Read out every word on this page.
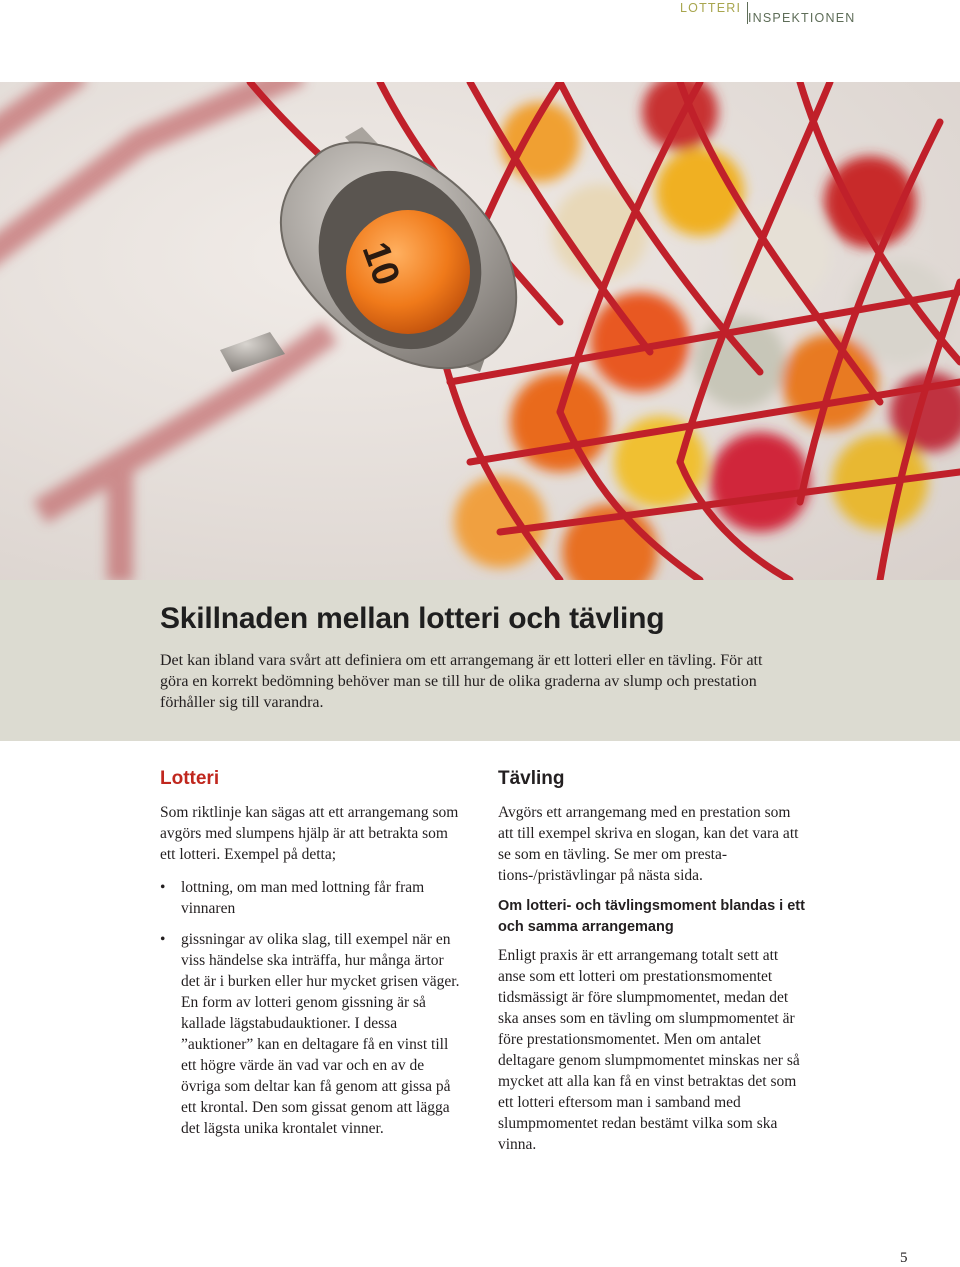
LOTTERI
INSPEKTIONEN
10
Skillnaden mellan lotteri och tävling

Det kan ibland vara svårt att definiera om ett arrangemang är ett lotteri eller en tävling. För att göra en korrekt bedömning behöver man se till hur de olika graderna av slump och prestation förhåller sig till varandra.

Lotteri

Som riktlinje kan sägas att ett arrangemang som avgörs med slumpens hjälp är att betrakta som ett lotteri. Exempel på detta;

• lottning, om man med lottning får fram vinnaren
• gissningar av olika slag, till exempel när en viss händelse ska inträffa, hur många ärtor det är i burken eller hur mycket grisen väger. En form av lotteri genom gissning är så kallade lägstabudauktioner. I dessa ”auktioner” kan en deltagare få en vinst till ett högre värde än vad var och en av de övriga som deltar kan få genom att gissa på ett krontal. Den som gissat genom att lägga det lägsta unika krontalet vinner.
Tävling

Avgörs ett arrangemang med en prestation som att till exempel skriva en slogan, kan det vara att se som en tävling. Se mer om prestations-/pristävlingar på nästa sida.

Om lotteri- och tävlingsmoment blandas i ett och samma arrangemang

Enligt praxis är ett arrangemang totalt sett att anse som ett lotteri om prestationsmomentet tidsmässigt är före slumpmomentet, medan det ska anses som en tävling om slumpmomentet är före prestationsmomentet. Men om antalet deltagare genom slumpmomentet minskas ner så mycket att alla kan få en vinst betraktas det som ett lotteri eftersom man i samband med slumpmomentet redan bestämt vilka som ska vinna.

5
